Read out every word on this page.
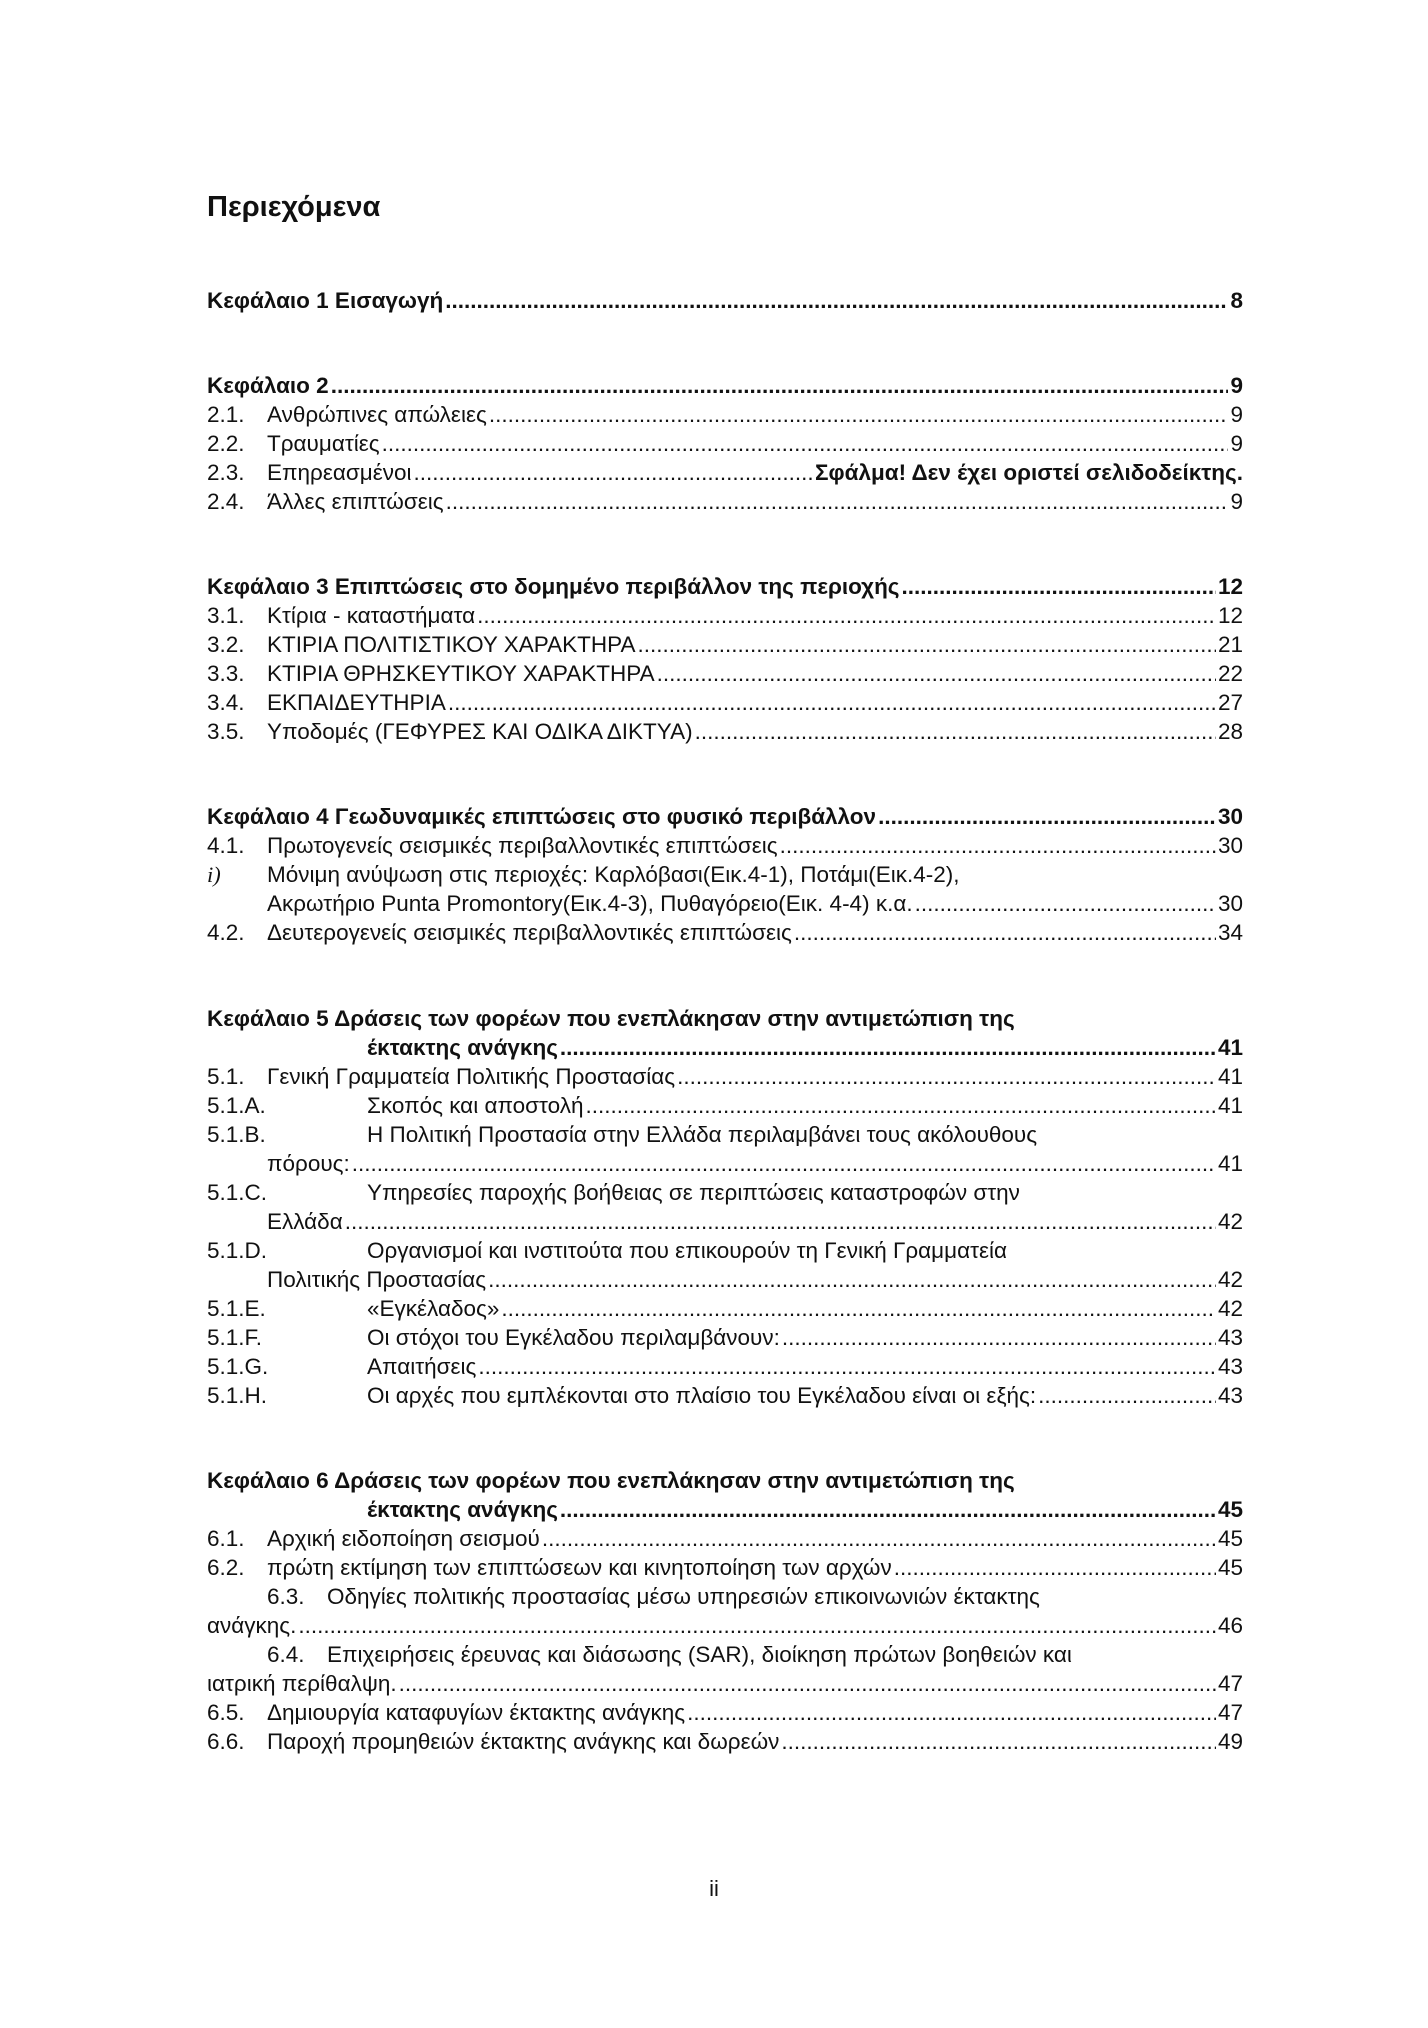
Περιεχόμενα
Κεφάλαιο 1 Εισαγωγή .....	8
Κεφάλαιο 2 .....	9
2.1. Ανθρώπινες απώλειες .....	9
2.2. Τραυματίες .....	9
2.3. Επηρεασμένοι .....	Σφάλμα! Δεν έχει οριστεί σελιδοδείκτης.
2.4. Άλλες επιπτώσεις .....	9
Κεφάλαιο 3 Επιπτώσεις στο δομημένο περιβάλλον της περιοχής .....	12
3.1. Κτίρια - καταστήματα .....	12
3.2. ΚΤΙΡΙΑ ΠΟΛΙΤΙΣΤΙΚΟΥ ΧΑΡΑΚΤΗΡΑ .....	21
3.3. ΚΤΙΡΙΑ ΘΡΗΣΚΕΥΤΙΚΟΥ ΧΑΡΑΚΤΗΡΑ .....	22
3.4. ΕΚΠΑΙΔΕΥΤΗΡΙΑ .....	27
3.5. Υποδομές (ΓΕΦΥΡΕΣ ΚΑΙ ΟΔΙΚΑ ΔΙΚΤΥΑ) .....	28
Κεφάλαιο 4 Γεωδυναμικές επιπτώσεις στο φυσικό περιβάλλον .....	30
4.1. Πρωτογενείς σεισμικές περιβαλλοντικές επιπτώσεις .....	30
i)	Μόνιμη ανύψωση στις περιοχές: Καρλόβασι(Εικ.4-1), Ποτάμι(Εικ.4-2),
Ακρωτήριο Punta Promontory(Εικ.4-3), Πυθαγόρειο(Εικ. 4-4) κ.α. .....	30
4.2. Δευτερογενείς σεισμικές περιβαλλοντικές επιπτώσεις .....	34
Κεφάλαιο 5 Δράσεις των φορέων που ενεπλάκησαν στην αντιμετώπιση της
έκτακτης ανάγκης .....	41
5.1. Γενική Γραμματεία Πολιτικής Προστασίας .....	41
5.1.A.	Σκοπός και αποστολή .....	41
5.1.B.	Η Πολιτική Προστασία στην Ελλάδα περιλαμβάνει τους ακόλουθους
πόρους: .....	41
5.1.C.	Υπηρεσίες παροχής βοήθειας σε περιπτώσεις καταστροφών στην
Ελλάδα .....	42
5.1.D.	Οργανισμοί και ινστιτούτα που επικουρούν τη Γενική Γραμματεία
Πολιτικής Προστασίας .....	42
5.1.E.	«Εγκέλαδος» .....	42
5.1.F.	Οι στόχοι του Εγκέλαδου περιλαμβάνουν: .....	43
5.1.G.	Απαιτήσεις .....	43
5.1.H.	Οι αρχές που εμπλέκονται στο πλαίσιο του Εγκέλαδου είναι οι εξής: .....	43
Κεφάλαιο 6 Δράσεις των φορέων που ενεπλάκησαν στην αντιμετώπιση της
έκτακτης ανάγκης .....	45
6.1. Αρχική ειδοποίηση σεισμού .....	45
6.2. πρώτη εκτίμηση των επιπτώσεων και κινητοποίηση των αρχών .....	45
6.3. Οδηγίες πολιτικής προστασίας μέσω υπηρεσιών επικοινωνιών έκτακτης
ανάγκης. .....	46
6.4. Επιχειρήσεις έρευνας και διάσωσης (SAR), διοίκηση πρώτων βοηθειών και
ιατρική περίθαλψη. .....	47
6.5. Δημιουργία καταφυγίων έκτακτης ανάγκης .....	47
6.6. Παροχή προμηθειών έκτακτης ανάγκης και δωρεών .....	49
ii
